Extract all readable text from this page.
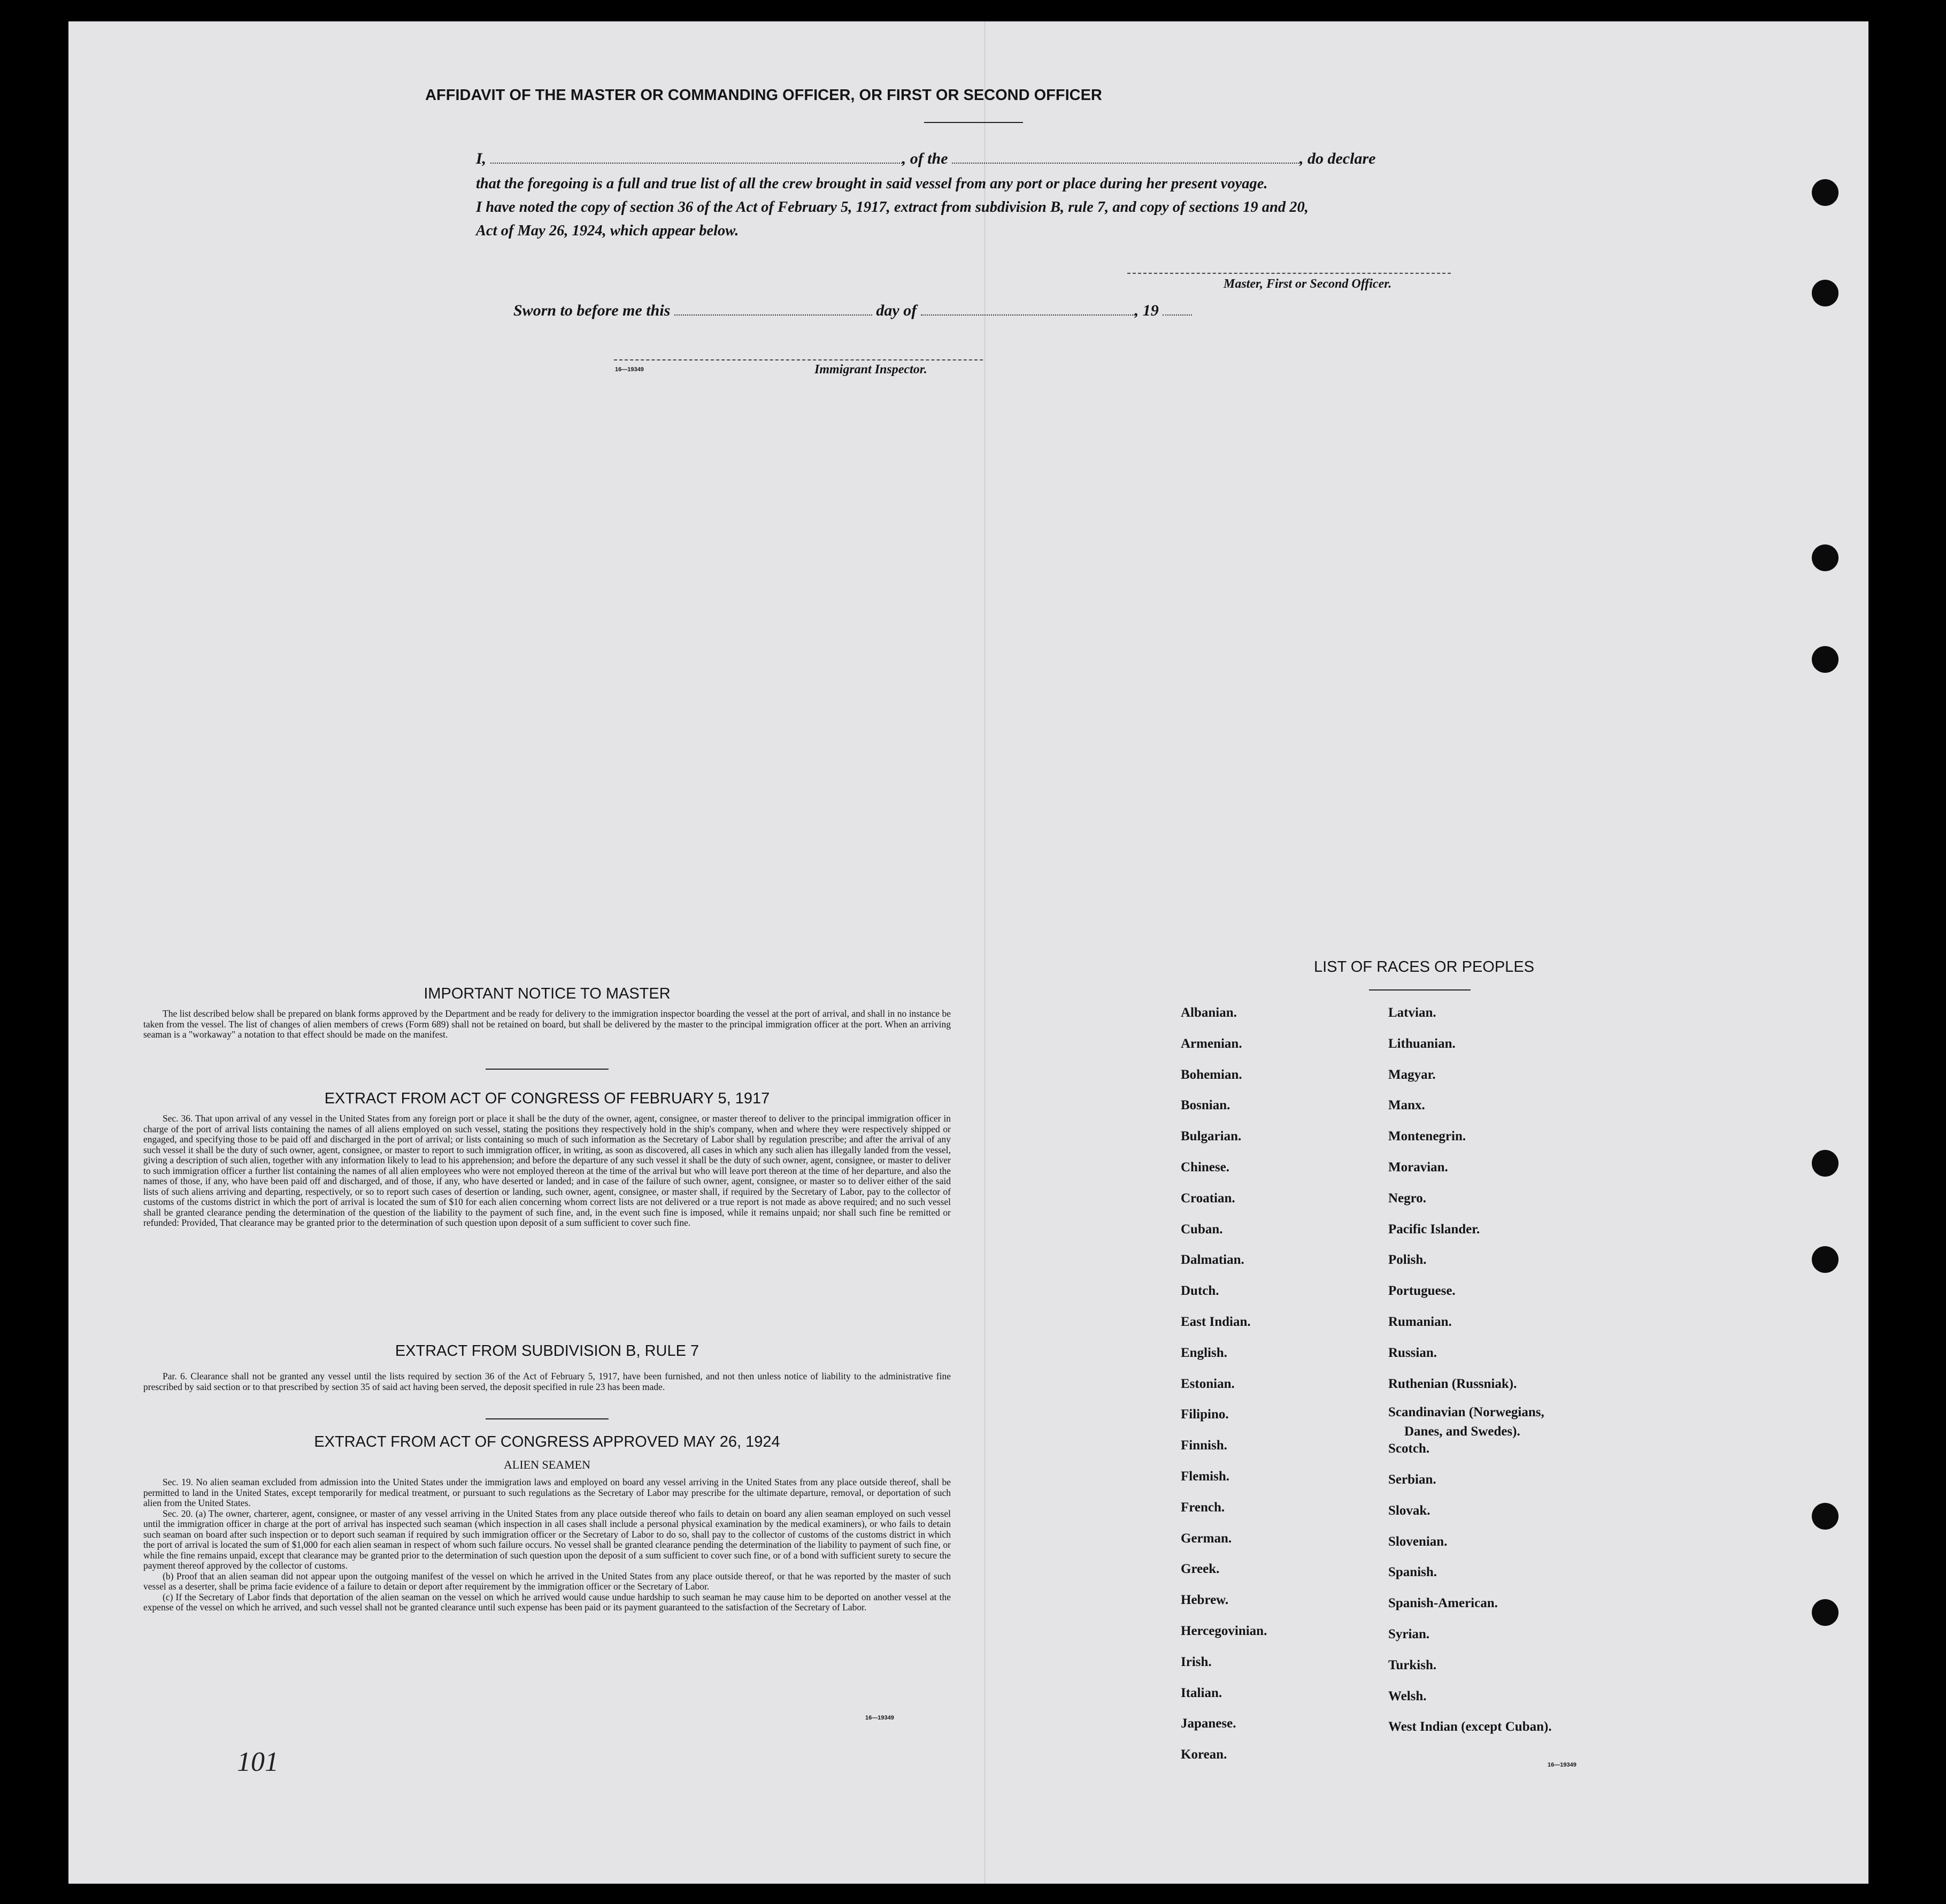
AFFIDAVIT OF THE MASTER OR COMMANDING OFFICER, OR FIRST OR SECOND OFFICER
I,	, of the	, do declare
that the foregoing is a full and true list of all the crew brought in said vessel from any port or place during her present voyage.
I have noted the copy of section 36 of the Act of February 5, 1917, extract from subdivision B, rule 7, and copy of sections 19 and 20,
Act of May 26, 1924, which appear below.
Master, First or Second Officer.
Sworn to before me this	day of	, 19
16—19349	Immigrant Inspector.
IMPORTANT NOTICE TO MASTER

The list described below shall be prepared on blank forms approved by the Department and be ready for delivery to the immigration inspector boarding the vessel at the port of arrival, and shall in no instance be taken from the vessel. The list of changes of alien members of crews (Form 689) shall not be retained on board, but shall be delivered by the master to the principal immigration officer at the port. When an arriving seaman is a "workaway" a notation to that effect should be made on the manifest.

EXTRACT FROM ACT OF CONGRESS OF FEBRUARY 5, 1917

Sec. 36. That upon arrival of any vessel in the United States from any foreign port or place it shall be the duty of the owner, agent, consignee, or master thereof to deliver to the principal immigration officer in charge of the port of arrival lists containing the names of all aliens employed on such vessel, stating the positions they respectively hold in the ship's company, when and where they were respectively shipped or engaged, and specifying those to be paid off and discharged in the port of arrival; or lists containing so much of such information as the Secretary of Labor shall by regulation prescribe; and after the arrival of any such vessel it shall be the duty of such owner, agent, consignee, or master to report to such immigration officer, in writing, as soon as discovered, all cases in which any such alien has illegally landed from the vessel, giving a description of such alien, together with any information likely to lead to his apprehension; and before the departure of any such vessel it shall be the duty of such owner, agent, consignee, or master to deliver to such immigration officer a further list containing the names of all alien employees who were not employed thereon at the time of the arrival but who will leave port thereon at the time of her departure, and also the names of those, if any, who have been paid off and discharged, and of those, if any, who have deserted or landed; and in case of the failure of such owner, agent, consignee, or master so to deliver either of the said lists of such aliens arriving and departing, respectively, or so to report such cases of desertion or landing, such owner, agent, consignee, or master shall, if required by the Secretary of Labor, pay to the collector of customs of the customs district in which the port of arrival is located the sum of $10 for each alien concerning whom correct lists are not delivered or a true report is not made as above required; and no such vessel shall be granted clearance pending the determination of the question of the liability to the payment of such fine, and, in the event such fine is imposed, while it remains unpaid; nor shall such fine be remitted or refunded: Provided, That clearance may be granted prior to the determination of such question upon deposit of a sum sufficient to cover such fine.

EXTRACT FROM SUBDIVISION B, RULE 7

Par. 6. Clearance shall not be granted any vessel until the lists required by section 36 of the Act of February 5, 1917, have been furnished, and not then unless notice of liability to the administrative fine prescribed by said section or to that prescribed by section 35 of said act having been served, the deposit specified in rule 23 has been made.

EXTRACT FROM ACT OF CONGRESS APPROVED MAY 26, 1924
ALIEN SEAMEN

Sec. 19. No alien seaman excluded from admission into the United States under the immigration laws and employed on board any vessel arriving in the United States from any place outside thereof, shall be permitted to land in the United States, except temporarily for medical treatment, or pursuant to such regulations as the Secretary of Labor may prescribe for the ultimate departure, removal, or deportation of such alien from the United States.

Sec. 20. (a) The owner, charterer, agent, consignee, or master of any vessel arriving in the United States from any place outside thereof who fails to detain on board any alien seaman employed on such vessel until the immigration officer in charge at the port of arrival has inspected such seaman (which inspection in all cases shall include a personal physical examination by the medical examiners), or who fails to detain such seaman on board after such inspection or to deport such seaman if required by such immigration officer or the Secretary of Labor to do so, shall pay to the collector of customs of the customs district in which the port of arrival is located the sum of $1,000 for each alien seaman in respect of whom such failure occurs. No vessel shall be granted clearance pending the determination of the liability to payment of such fine, or while the fine remains unpaid, except that clearance may be granted prior to the determination of such question upon the deposit of a sum sufficient to cover such fine, or of a bond with sufficient surety to secure the payment thereof approved by the collector of customs.

(b) Proof that an alien seaman did not appear upon the outgoing manifest of the vessel on which he arrived in the United States from any place outside thereof, or that he was reported by the master of such vessel as a deserter, shall be prima facie evidence of a failure to detain or deport after requirement by the immigration officer or the Secretary of Labor.

(c) If the Secretary of Labor finds that deportation of the alien seaman on the vessel on which he arrived would cause undue hardship to such seaman he may cause him to be deported on another vessel at the expense of the vessel on which he arrived, and such vessel shall not be granted clearance until such expense has been paid or its payment guaranteed to the satisfaction of the Secretary of Labor.

16—19349
101
LIST OF RACES OR PEOPLES
16—19349
Albanian.
Armenian.
Bohemian.
Bosnian.
Bulgarian.
Chinese.
Croatian.
Cuban.
Dalmatian.
Dutch.
East Indian.
English.
Estonian.
Filipino.
Finnish.
Flemish.
French.
German.
Greek.
Hebrew.
Hercegovinian.
Irish.
Italian.
Japanese.
Korean.
Latvian.
Lithuanian.
Magyar.
Manx.
Montenegrin.
Moravian.
Negro.
Pacific Islander.
Polish.
Portuguese.
Rumanian.
Russian.
Ruthenian (Russniak).
Scandinavian (Norwegians,
Danes, and Swedes).
Scotch.
Serbian.
Slovak.
Slovenian.
Spanish.
Spanish-American.
Syrian.
Turkish.
Welsh.
West Indian (except Cuban).
